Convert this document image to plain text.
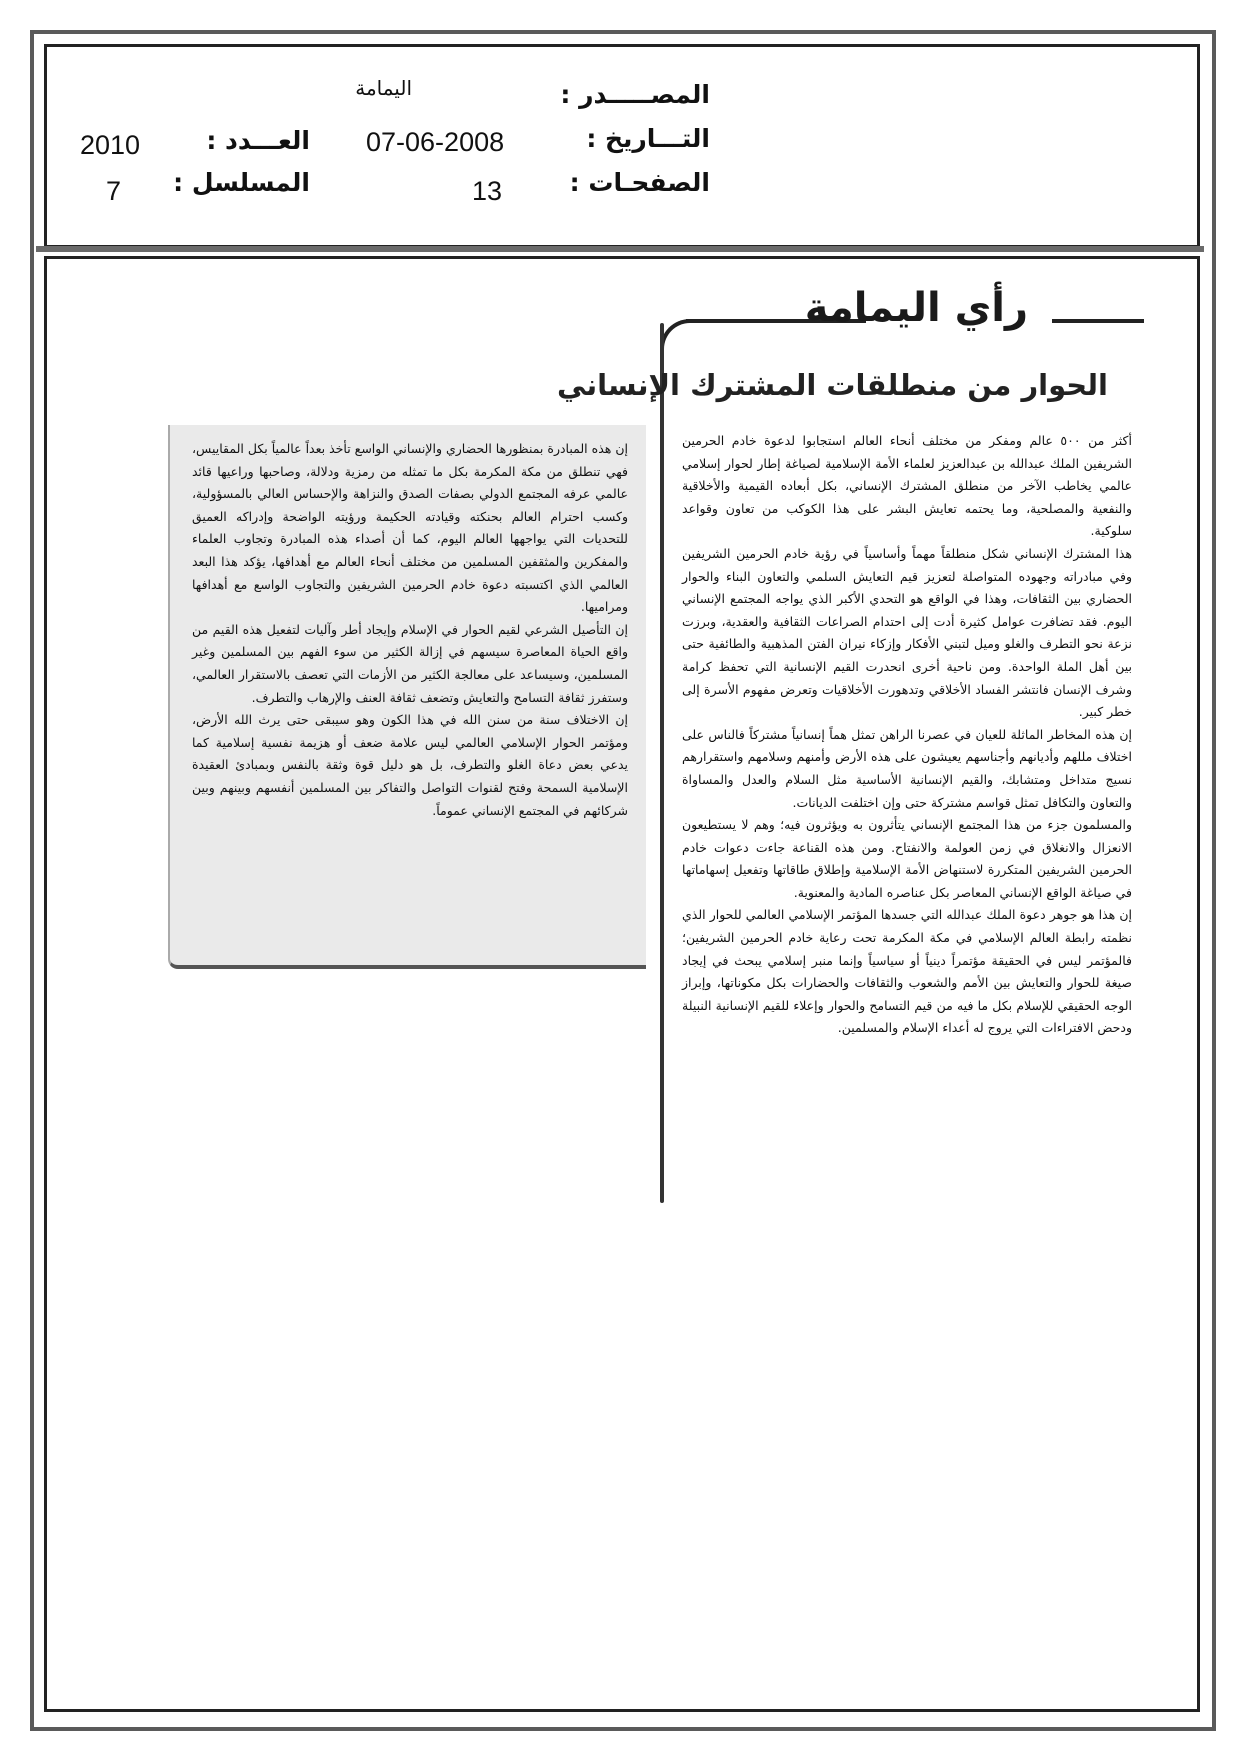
المصـــــدر :
اليمامة
التـــاريخ :
07-06-2008
العـــدد :
2010
الصفحـات :
13
المسلسل :
7
رأي اليمامة
الحوار من منطلقات المشترك الإنساني

أكثر من ٥٠٠ عالم ومفكر من مختلف أنحاء العالم استجابوا لدعوة خادم الحرمين الشريفين الملك عبدالله بن عبدالعزيز لعلماء الأمة الإسلامية لصياغة إطار لحوار إسلامي عالمي يخاطب الآخر من منطلق المشترك الإنساني، بكل أبعاده القيمية والأخلاقية والنفعية والمصلحية، وما يحتمه تعايش البشر على هذا الكوكب من تعاون وقواعد سلوكية.

هذا المشترك الإنساني شكل منطلقاً مهماً وأساسياً في رؤية خادم الحرمين الشريفين وفي مبادراته وجهوده المتواصلة لتعزيز قيم التعايش السلمي والتعاون البناء والحوار الحضاري بين الثقافات، وهذا في الواقع هو التحدي الأكبر الذي يواجه المجتمع الإنساني اليوم. فقد تضافرت عوامل كثيرة أدت إلى احتدام الصراعات الثقافية والعقدية، وبرزت نزعة نحو التطرف والغلو وميل لتبني الأفكار وإزكاء نيران الفتن المذهبية والطائفية حتى بين أهل الملة الواحدة. ومن ناحية أخرى انحدرت القيم الإنسانية التي تحفظ كرامة وشرف الإنسان فانتشر الفساد الأخلاقي وتدهورت الأخلاقيات وتعرض مفهوم الأسرة إلى خطر كبير.

إن هذه المخاطر الماثلة للعيان في عصرنا الراهن تمثل هماً إنسانياً مشتركاً فالناس على اختلاف مللهم وأديانهم وأجناسهم يعيشون على هذه الأرض وأمنهم وسلامهم واستقرارهم نسيج متداخل ومتشابك، والقيم الإنسانية الأساسية مثل السلام والعدل والمساواة والتعاون والتكافل تمثل قواسم مشتركة حتى وإن اختلفت الديانات.

والمسلمون جزء من هذا المجتمع الإنساني يتأثرون به ويؤثرون فيه؛ وهم لا يستطيعون الانعزال والانغلاق في زمن العولمة والانفتاح. ومن هذه القناعة جاءت دعوات خادم الحرمين الشريفين المتكررة لاستنهاض الأمة الإسلامية وإطلاق طاقاتها وتفعيل إسهاماتها في صياغة الواقع الإنساني المعاصر بكل عناصره المادية والمعنوية.

إن هذا هو جوهر دعوة الملك عبدالله التي جسدها المؤتمر الإسلامي العالمي للحوار الذي نظمته رابطة العالم الإسلامي في مكة المكرمة تحت رعاية خادم الحرمين الشريفين؛ فالمؤتمر ليس في الحقيقة مؤتمراً دينياً أو سياسياً وإنما منبر إسلامي يبحث في إيجاد صيغة للحوار والتعايش بين الأمم والشعوب والثقافات والحضارات بكل مكوناتها، وإبراز الوجه الحقيقي للإسلام بكل ما فيه من قيم التسامح والحوار وإعلاء للقيم الإنسانية النبيلة ودحض الافتراءات التي يروج له أعداء الإسلام والمسلمين.

إن هذه المبادرة بمنظورها الحضاري والإنساني الواسع تأخذ بعداً عالمياً بكل المقاييس، فهي تنطلق من مكة المكرمة بكل ما تمثله من رمزية ودلالة، وصاحبها وراعيها قائد عالمي عرفه المجتمع الدولي بصفات الصدق والنزاهة والإحساس العالي بالمسؤولية، وكسب احترام العالم بحنكته وقيادته الحكيمة ورؤيته الواضحة وإدراكه العميق للتحديات التي يواجهها العالم اليوم، كما أن أصداء هذه المبادرة وتجاوب العلماء والمفكرين والمثقفين المسلمين من مختلف أنحاء العالم مع أهدافها، يؤكد هذا البعد العالمي الذي اكتسبته دعوة خادم الحرمين الشريفين والتجاوب الواسع مع أهدافها ومراميها.

إن التأصيل الشرعي لقيم الحوار في الإسلام وإيجاد أطر وآليات لتفعيل هذه القيم من واقع الحياة المعاصرة سيسهم في إزالة الكثير من سوء الفهم بين المسلمين وغير المسلمين، وسيساعد على معالجة الكثير من الأزمات التي تعصف بالاستقرار العالمي، وستفرز ثقافة التسامح والتعايش وتضعف ثقافة العنف والإرهاب والتطرف.

إن الاختلاف سنة من سنن الله في هذا الكون وهو سيبقى حتى يرث الله الأرض، ومؤتمر الحوار الإسلامي العالمي ليس علامة ضعف أو هزيمة نفسية إسلامية كما يدعي بعض دعاة الغلو والتطرف، بل هو دليل قوة وثقة بالنفس وبمبادئ العقيدة الإسلامية السمحة وفتح لقنوات التواصل والتفاكر بين المسلمين أنفسهم وبينهم وبين شركائهم في المجتمع الإنساني عموماً.
